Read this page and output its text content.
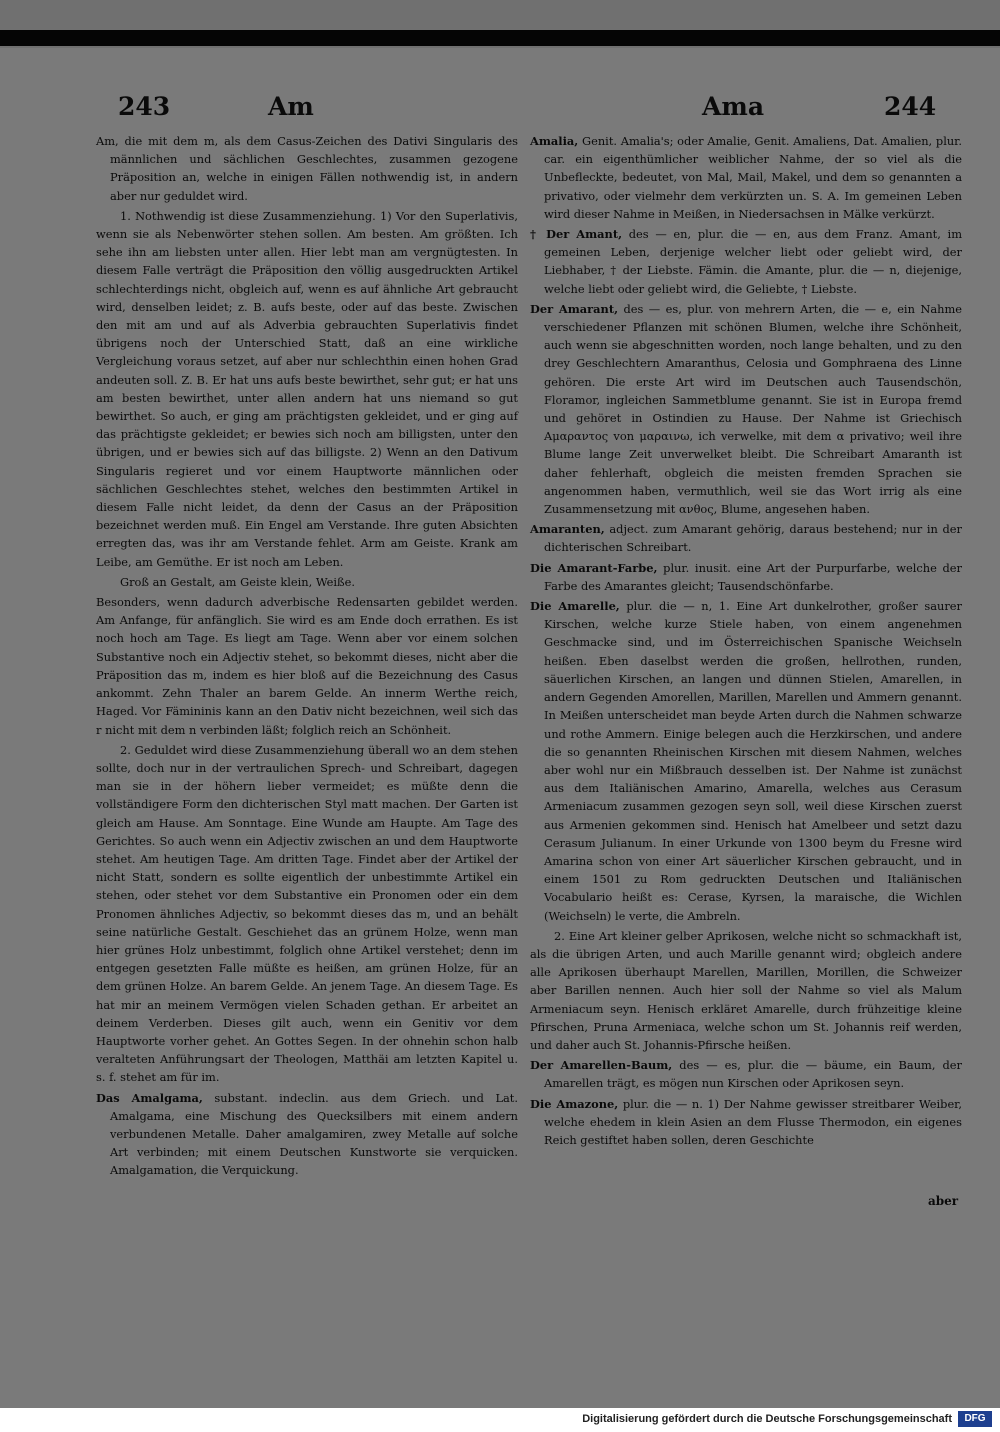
243	Am	Ama	244

Am, die mit dem m, als dem Casus-Zeichen des Dativi Singularis des männlichen und sächlichen Geschlechtes, zusammen gezogene Präposition an, welche in einigen Fällen nothwendig ist, in andern aber nur geduldet wird.

1. Nothwendig ist diese Zusammenziehung. 1) Vor den Superlativis, wenn sie als Nebenwörter stehen sollen. Am besten. Am größten. Ich sehe ihn am liebsten unter allen. Hier lebt man am vergnügtesten. In diesem Falle verträgt die Präposition den völlig ausgedruckten Artikel schlechterdings nicht, obgleich auf, wenn es auf ähnliche Art gebraucht wird, denselben leidet; z. B. aufs beste, oder auf das beste. Zwischen den mit am und auf als Adverbia gebrauchten Superlativis findet übrigens noch der Unterschied Statt, daß an eine wirkliche Vergleichung voraus setzet, auf aber nur schlechthin einen hohen Grad andeuten soll. Z. B. Er hat uns aufs beste bewirthet, sehr gut; er hat uns am besten bewirthet, unter allen andern hat uns niemand so gut bewirthet. So auch, er ging am prächtigsten gekleidet, und er ging auf das prächtigste gekleidet; er bewies sich noch am billigsten, unter den übrigen, und er bewies sich auf das billigste. 2) Wenn an den Dativum Singularis regieret und vor einem Hauptworte männlichen oder sächlichen Geschlechtes stehet, welches den bestimmten Artikel in diesem Falle nicht leidet, da denn der Casus an der Präposition bezeichnet werden muß. Ein Engel am Verstande. Ihre guten Absichten erregten das, was ihr am Verstande fehlet. Arm am Geiste. Krank am Leibe, am Gemüthe. Er ist noch am Leben.

Groß an Gestalt, am Geiste klein, Weiße.

Besonders, wenn dadurch adverbische Redensarten gebildet werden. Am Anfange, für anfänglich. Sie wird es am Ende doch errathen. Es ist noch hoch am Tage. Es liegt am Tage. Wenn aber vor einem solchen Substantive noch ein Adjectiv stehet, so bekommt dieses, nicht aber die Präposition das m, indem es hier bloß auf die Bezeichnung des Casus ankommt. Zehn Thaler an barem Gelde. An innerm Werthe reich, Haged. Vor Fämininis kann an den Dativ nicht bezeichnen, weil sich das r nicht mit dem n verbinden läßt; folglich reich an Schönheit.

2. Geduldet wird diese Zusammenziehung überall wo an dem stehen sollte, doch nur in der vertraulichen Sprech- und Schreibart, dagegen man sie in der höhern lieber vermeidet; es müßte denn die vollständigere Form den dichterischen Styl matt machen. Der Garten ist gleich am Hause. Am Sonntage. Eine Wunde am Haupte. Am Tage des Gerichtes. So auch wenn ein Adjectiv zwischen an und dem Hauptworte stehet. Am heutigen Tage. Am dritten Tage. Findet aber der Artikel der nicht Statt, sondern es sollte eigentlich der unbestimmte Artikel ein stehen, oder stehet vor dem Substantive ein Pronomen oder ein dem Pronomen ähnliches Adjectiv, so bekommt dieses das m, und an behält seine natürliche Gestalt. Geschiehet das an grünem Holze, wenn man hier grünes Holz unbestimmt, folglich ohne Artikel verstehet; denn im entgegen gesetzten Falle müßte es heißen, am grünen Holze, für an dem grünen Holze. An barem Gelde. An jenem Tage. An diesem Tage. Es hat mir an meinem Vermögen vielen Schaden gethan. Er arbeitet an deinem Verderben. Dieses gilt auch, wenn ein Genitiv vor dem Hauptworte vorher gehet. An Gottes Segen. In der ohnehin schon halb veralteten Anführungsart der Theologen, Matthäi am letzten Kapitel u. s. f. stehet am für im.

Das Amalgama, substant. indeclin. aus dem Griech. und Lat. Amalgama, eine Mischung des Quecksilbers mit einem andern verbundenen Metalle. Daher amalgamiren, zwey Metalle auf solche Art verbinden; mit einem Deutschen Kunstworte sie verquicken. Amalgamation, die Verquickung.

Amalia, Genit. Amalia's; oder Amalie, Genit. Amaliens, Dat. Amalien, plur. car. ein eigenthümlicher weiblicher Nahme, der so viel als die Unbefleckte, bedeutet, von Mal, Mail, Makel, und dem so genannten a privativo, oder vielmehr dem verkürzten un. S. A. Im gemeinen Leben wird dieser Nahme in Meißen, in Niedersachsen in Mälke verkürzt.

† Der Amant, des — en, plur. die — en, aus dem Franz. Amant, im gemeinen Leben, derjenige welcher liebt oder geliebt wird, der Liebhaber, † der Liebste. Fämin. die Amante, plur. die — n, diejenige, welche liebt oder geliebt wird, die Geliebte, † Liebste.

Der Amarant, des — es, plur. von mehrern Arten, die — e, ein Nahme verschiedener Pflanzen mit schönen Blumen, welche ihre Schönheit, auch wenn sie abgeschnitten worden, noch lange behalten, und zu den drey Geschlechtern Amaranthus, Celosia und Gomphraena des Linne gehören. Die erste Art wird im Deutschen auch Tausendschön, Floramor, ingleichen Sammetblume genannt. Sie ist in Europa fremd und gehöret in Ostindien zu Hause. Der Nahme ist Griechisch Αμαραντος von μαραινω, ich verwelke, mit dem α privativo; weil ihre Blume lange Zeit unverwelket bleibt. Die Schreibart Amaranth ist daher fehlerhaft, obgleich die meisten fremden Sprachen sie angenommen haben, vermuthlich, weil sie das Wort irrig als eine Zusammensetzung mit ανθος, Blume, angesehen haben.

Amaranten, adject. zum Amarant gehörig, daraus bestehend; nur in der dichterischen Schreibart.

Die Amarant-Farbe, plur. inusit. eine Art der Purpurfarbe, welche der Farbe des Amarantes gleicht; Tausendschönfarbe.

Die Amarelle, plur. die — n, 1. Eine Art dunkelrother, großer saurer Kirschen, welche kurze Stiele haben, von einem angenehmen Geschmacke sind, und im Österreichischen Spanische Weichseln heißen. Eben daselbst werden die großen, hellrothen, runden, säuerlichen Kirschen, an langen und dünnen Stielen, Amarellen, in andern Gegenden Amorellen, Marillen, Marellen und Ammern genannt. In Meißen unterscheidet man beyde Arten durch die Nahmen schwarze und rothe Ammern. Einige belegen auch die Herzkirschen, und andere die so genannten Rheinischen Kirschen mit diesem Nahmen, welches aber wohl nur ein Mißbrauch desselben ist. Der Nahme ist zunächst aus dem Italiänischen Amarino, Amarella, welches aus Cerasum Armeniacum zusammen gezogen seyn soll, weil diese Kirschen zuerst aus Armenien gekommen sind. Henisch hat Amelbeer und setzt dazu Cerasum Julianum. In einer Urkunde von 1300 beym du Fresne wird Amarina schon von einer Art säuerlicher Kirschen gebraucht, und in einem 1501 zu Rom gedruckten Deutschen und Italiänischen Vocabulario heißt es: Cerase, Kyrsen, la maraische, die Wichlen (Weichseln) le verte, die Ambreln.

2. Eine Art kleiner gelber Aprikosen, welche nicht so schmackhaft ist, als die übrigen Arten, und auch Marille genannt wird; obgleich andere alle Aprikosen überhaupt Marellen, Marillen, Morillen, die Schweizer aber Barillen nennen. Auch hier soll der Nahme so viel als Malum Armeniacum seyn. Henisch erkläret Amarelle, durch frühzeitige kleine Pfirschen, Pruna Armeniaca, welche schon um St. Johannis reif werden, und daher auch St. Johannis-Pfirsche heißen.

Der Amarellen-Baum, des — es, plur. die — bäume, ein Baum, der Amarellen trägt, es mögen nun Kirschen oder Aprikosen seyn.

Die Amazone, plur. die — n. 1) Der Nahme gewisser streitbarer Weiber, welche ehedem in klein Asien an dem Flusse Thermodon, ein eigenes Reich gestiftet haben sollen, deren Geschichte

aber
Digitalisierung gefördert durch die Deutsche Forschungsgemeinschaft	DFG
